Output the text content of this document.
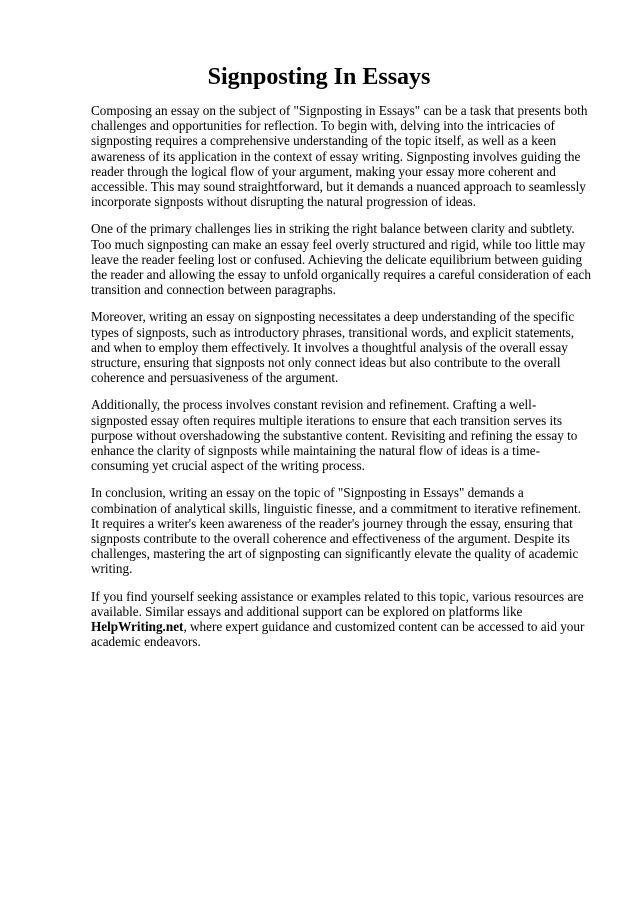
Signposting In Essays

Composing an essay on the subject of "Signposting in Essays" can be a task that presents both challenges and opportunities for reflection. To begin with, delving into the intricacies of signposting requires a comprehensive understanding of the topic itself, as well as a keen awareness of its application in the context of essay writing. Signposting involves guiding the reader through the logical flow of your argument, making your essay more coherent and accessible. This may sound straightforward, but it demands a nuanced approach to seamlessly incorporate signposts without disrupting the natural progression of ideas.

One of the primary challenges lies in striking the right balance between clarity and subtlety. Too much signposting can make an essay feel overly structured and rigid, while too little may leave the reader feeling lost or confused. Achieving the delicate equilibrium between guiding the reader and allowing the essay to unfold organically requires a careful consideration of each transition and connection between paragraphs.

Moreover, writing an essay on signposting necessitates a deep understanding of the specific types of signposts, such as introductory phrases, transitional words, and explicit statements, and when to employ them effectively. It involves a thoughtful analysis of the overall essay structure, ensuring that signposts not only connect ideas but also contribute to the overall coherence and persuasiveness of the argument.

Additionally, the process involves constant revision and refinement. Crafting a well-signposted essay often requires multiple iterations to ensure that each transition serves its purpose without overshadowing the substantive content. Revisiting and refining the essay to enhance the clarity of signposts while maintaining the natural flow of ideas is a time-consuming yet crucial aspect of the writing process.

In conclusion, writing an essay on the topic of "Signposting in Essays" demands a combination of analytical skills, linguistic finesse, and a commitment to iterative refinement. It requires a writer's keen awareness of the reader's journey through the essay, ensuring that signposts contribute to the overall coherence and effectiveness of the argument. Despite its challenges, mastering the art of signposting can significantly elevate the quality of academic writing.

If you find yourself seeking assistance or examples related to this topic, various resources are available. Similar essays and additional support can be explored on platforms like HelpWriting.net, where expert guidance and customized content can be accessed to aid your academic endeavors.
